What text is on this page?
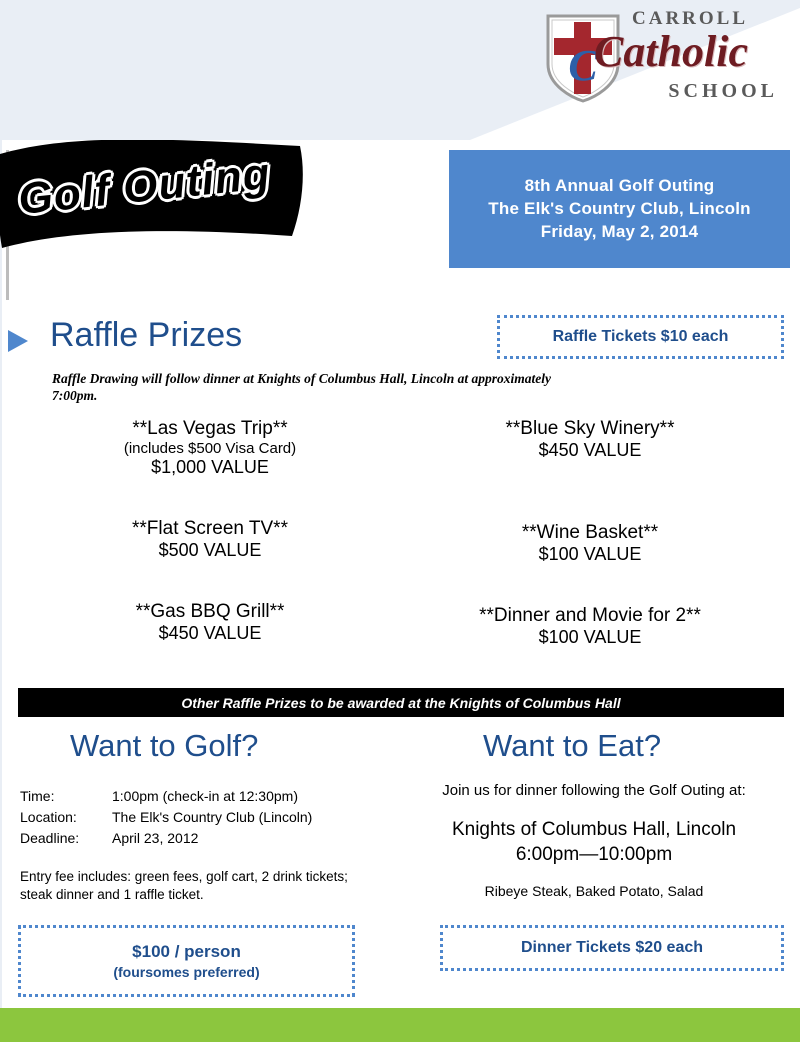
C
CARROLL
Catholic
SCHOOL
Golf Outing	8th Annual Golf Outing
The Elk's Country Club, Lincoln
Friday, May 2, 2014
Raffle Prizes	Raffle Tickets $10 each
Raffle Drawing will follow dinner at Knights of Columbus Hall, Lincoln at approximately 7:00pm.
**Las Vegas Trip**
(includes $500 Visa Card)
$1,000 VALUE
**Flat Screen TV**
$500 VALUE
**Gas BBQ Grill**
$450 VALUE
**Blue Sky Winery**
$450 VALUE
**Wine Basket**
$100 VALUE
**Dinner and Movie for 2**
$100 VALUE
Other Raffle Prizes to be awarded at the Knights of Columbus Hall
Want to Golf?
Time:	1:00pm (check-in at 12:30pm)
Location:	The Elk's Country Club (Lincoln)
Deadline:	April 23, 2012
Entry fee includes: green fees, golf cart, 2 drink tickets; steak dinner and 1 raffle ticket.
$100 / person
(foursomes preferred)
Want to Eat?
Join us for dinner following the Golf Outing at:
Knights of Columbus Hall, Lincoln
6:00pm—10:00pm
Ribeye Steak, Baked Potato, Salad
Dinner Tickets $20 each
